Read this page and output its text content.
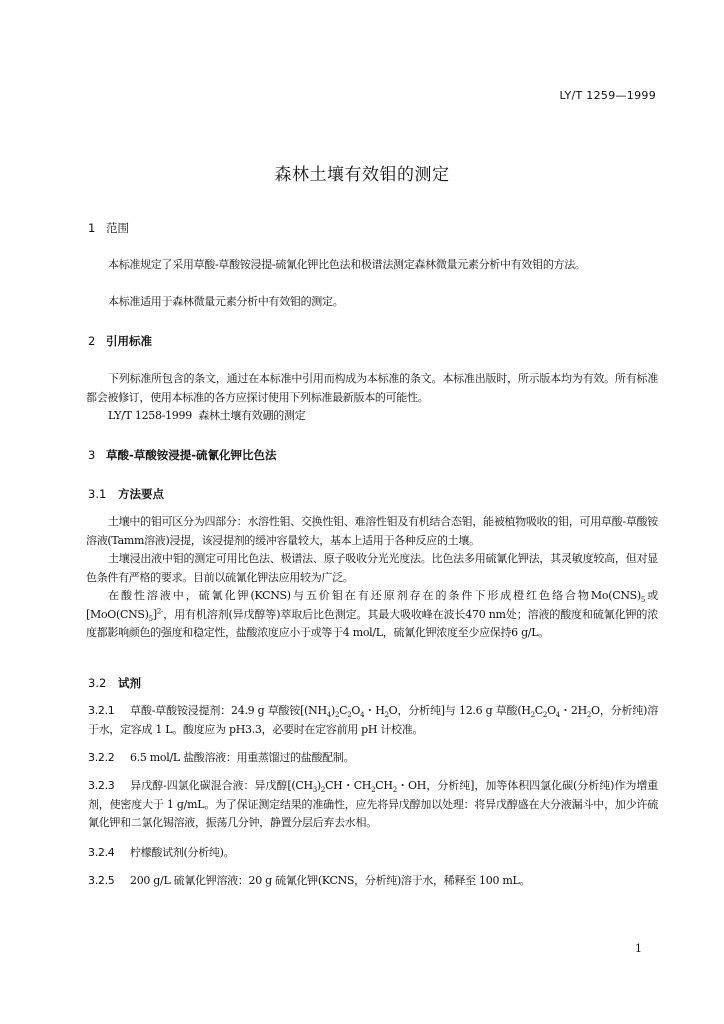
LY/T 1259—1999
森林土壤有效钼的测定
1 范围

本标准规定了采用草酸-草酸铵浸提-硫氰化钾比色法和极谱法测定森林微量元素分析中有效钼的方法。

本标准适用于森林微量元素分析中有效钼的测定。

2 引用标准

下列标准所包含的条文，通过在本标准中引用而构成为本标准的条文。本标准出版时，所示版本均为有效。所有标准都会被修订，使用本标准的各方应探讨使用下列标准最新版本的可能性。

LY/T 1258-1999  森林土壤有效硼的测定

3 草酸-草酸铵浸提-硫氰化钾比色法
3.1 方法要点

土壤中的钼可区分为四部分：水溶性钼、交换性钼、难溶性钼及有机结合态钼，能被植物吸收的钼，可用草酸-草酸铵溶液(Tamm溶液)浸提，该浸提剂的缓冲容量较大，基本上适用于各种反应的土壤。

土壤浸出液中钼的测定可用比色法、极谱法、原子吸收分光光度法。比色法多用硫氰化钾法，其灵敏度较高，但对显色条件有严格的要求。目前以硫氰化钾法应用较为广泛。

在酸性溶液中，硫氰化钾(KCNS)与五价钼在有还原剂存在的条件下形成橙红色络合物$Mo(CNS)_5$或$[MoO(CNS)_5]^{2-}$，用有机溶剂(异戊醇等)萃取后比色测定。其最大吸收峰在波长470 nm处；溶液的酸度和硫氰化钾的浓度都影响颜色的强度和稳定性，盐酸浓度应小于或等于4 mol/L，硫氰化钾浓度至少应保持6 g/L。

3.2 试剂

3.2.1 草酸-草酸铵浸提剂：24.9 g 草酸铵[$(NH_4)_2C_2O_4$・$H_2O$，分析纯]与 12.6 g 草酸($H_2C_2O_4$・$2H_2O$，分析纯)溶于水，定容成 1 L。酸度应为 pH3.3，必要时在定容前用 pH 计校准。

3.2.2 6.5 mol/L 盐酸溶液：用重蒸馏过的盐酸配制。

3.2.3 异戊醇-四氯化碳混合液：异戊醇[$(CH_3)_2CH$・$CH_2CH_2$・OH，分析纯]，加等体积四氯化碳(分析纯)作为增重剂，使密度大于 1 g/mL。为了保证测定结果的准确性，应先将异戊醇加以处理：将异戊醇盛在大分液漏斗中，加少许硫氰化钾和二氯化锡溶液，振荡几分钟，静置分层后弃去水相。

3.2.4 柠檬酸试剂(分析纯)。

3.2.5 200 g/L 硫氰化钾溶液：20 g 硫氰化钾(KCNS，分析纯)溶于水，稀释至 100 mL。

1
